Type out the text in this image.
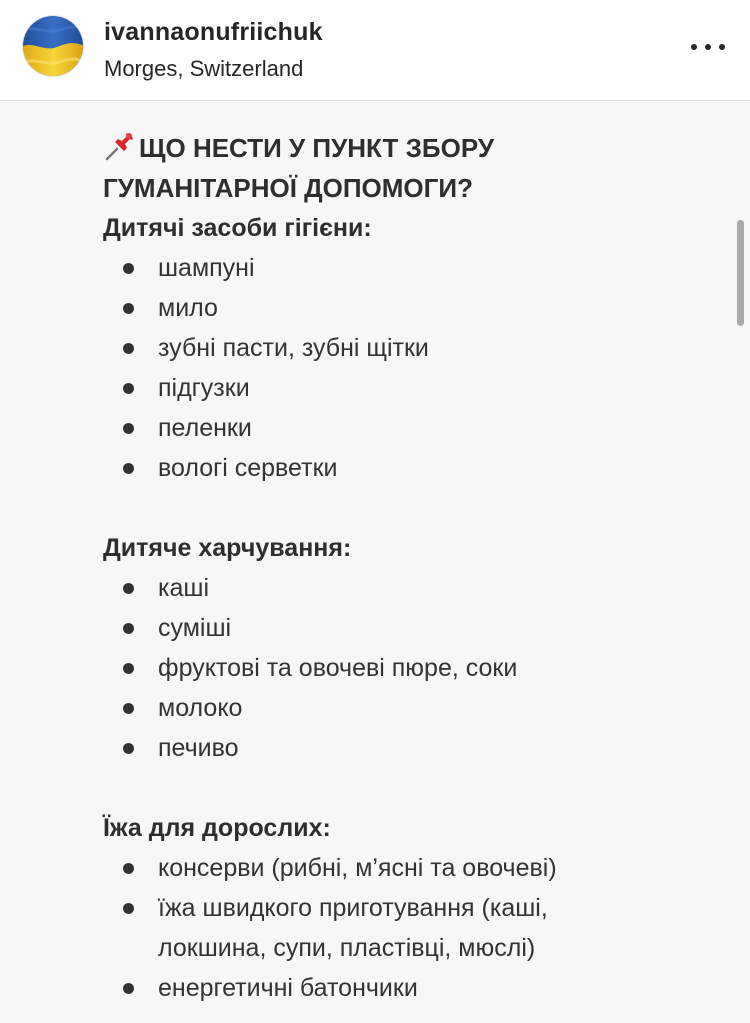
ivannaonufriichuk
Morges, Switzerland
ЩО НЕСТИ У ПУНКТ ЗБОРУ
ГУМАНІТАРНОЇ ДОПОМОГИ?
Дитячі засоби гігієни:
шампуні
мило
зубні пасти, зубні щітки
підгузки
пеленки
вологі серветки
Дитяче харчування:
каші
суміші
фруктові та овочеві пюре, соки
молоко
печиво
Їжа для дорослих:
консерви (рибні, м’ясні та овочеві)
їжа швидкого приготування (каші,
локшина, супи, пластівці, мюслі)
енергетичні батончики
